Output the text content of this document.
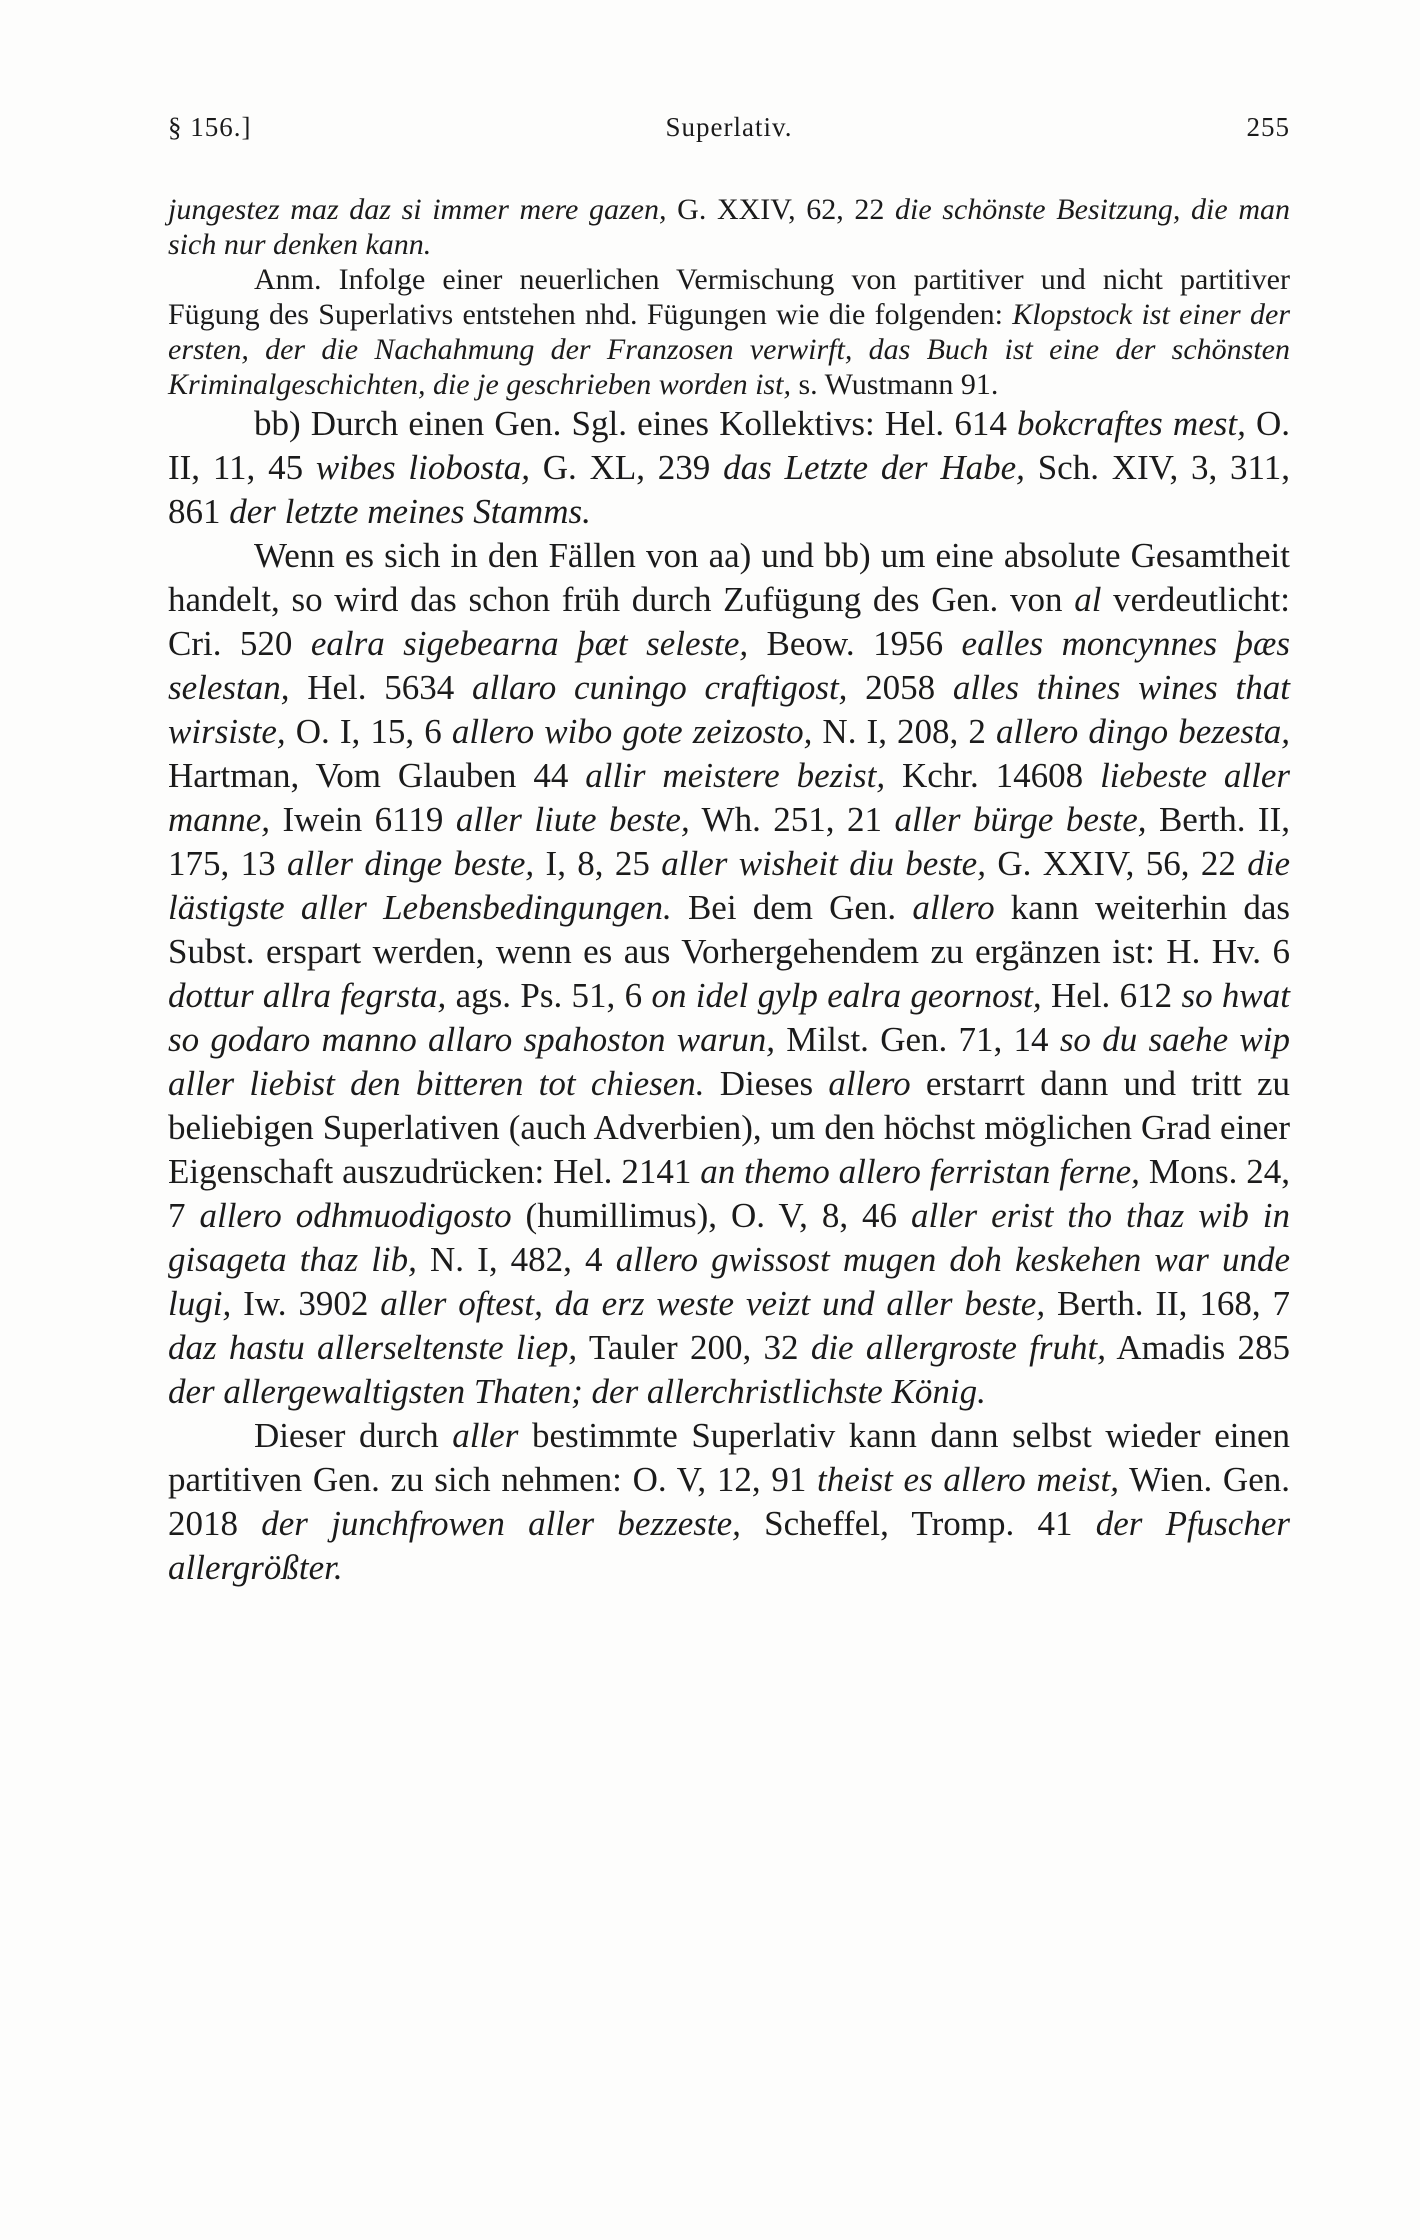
§ 156.]	Superlativ.	255

jungestez maz daz si immer mere gazen, G. XXIV, 62, 22 die schönste Besitzung, die man sich nur denken kann.

Anm. Infolge einer neuerlichen Vermischung von partitiver und nicht partitiver Fügung des Superlativs entstehen nhd. Fügungen wie die folgenden: Klopstock ist einer der ersten, der die Nachahmung der Franzosen verwirft, das Buch ist eine der schönsten Kriminalgeschichten, die je geschrieben worden ist, s. Wustmann 91.

bb) Durch einen Gen. Sgl. eines Kollektivs: Hel. 614 bokcraftes mest, O. II, 11, 45 wibes liobosta, G. XL, 239 das Letzte der Habe, Sch. XIV, 3, 311, 861 der letzte meines Stamms.

Wenn es sich in den Fällen von aa) und bb) um eine absolute Gesamtheit handelt, so wird das schon früh durch Zufügung des Gen. von al verdeutlicht: Cri. 520 ealra sigebearna þæt seleste, Beow. 1956 ealles moncynnes þæs selestan, Hel. 5634 allaro cuningo craftigost, 2058 alles thines wines that wirsiste, O. I, 15, 6 allero wibo gote zeizosto, N. I, 208, 2 allero dingo bezesta, Hartman, Vom Glauben 44 allir meistere bezist, Kchr. 14608 liebeste aller manne, Iwein 6119 aller liute beste, Wh. 251, 21 aller bürge beste, Berth. II, 175, 13 aller dinge beste, I, 8, 25 aller wisheit diu beste, G. XXIV, 56, 22 die lästigste aller Lebensbedingungen. Bei dem Gen. allero kann weiterhin das Subst. erspart werden, wenn es aus Vorhergehendem zu ergänzen ist: H. Hv. 6 dottur allra fegrsta, ags. Ps. 51, 6 on idel gylp ealra geornost, Hel. 612 so hwat so godaro manno allaro spahoston warun, Milst. Gen. 71, 14 so du saehe wip aller liebist den bitteren tot chiesen. Dieses allero erstarrt dann und tritt zu beliebigen Superlativen (auch Adverbien), um den höchst möglichen Grad einer Eigenschaft auszudrücken: Hel. 2141 an themo allero ferristan ferne, Mons. 24, 7 allero odhmuodigosto (humillimus), O. V, 8, 46 aller erist tho thaz wib in gisageta thaz lib, N. I, 482, 4 allero gwissost mugen doh keskehen war unde lugi, Iw. 3902 aller oftest, da erz weste veizt und aller beste, Berth. II, 168, 7 daz hastu allerseltenste liep, Tauler 200, 32 die allergroste fruht, Amadis 285 der allergewaltigsten Thaten; der allerchristlichste König.

Dieser durch aller bestimmte Superlativ kann dann selbst wieder einen partitiven Gen. zu sich nehmen: O. V, 12, 91 theist es allero meist, Wien. Gen. 2018 der junchfrowen aller bezzeste, Scheffel, Tromp. 41 der Pfuscher allergrößter.
